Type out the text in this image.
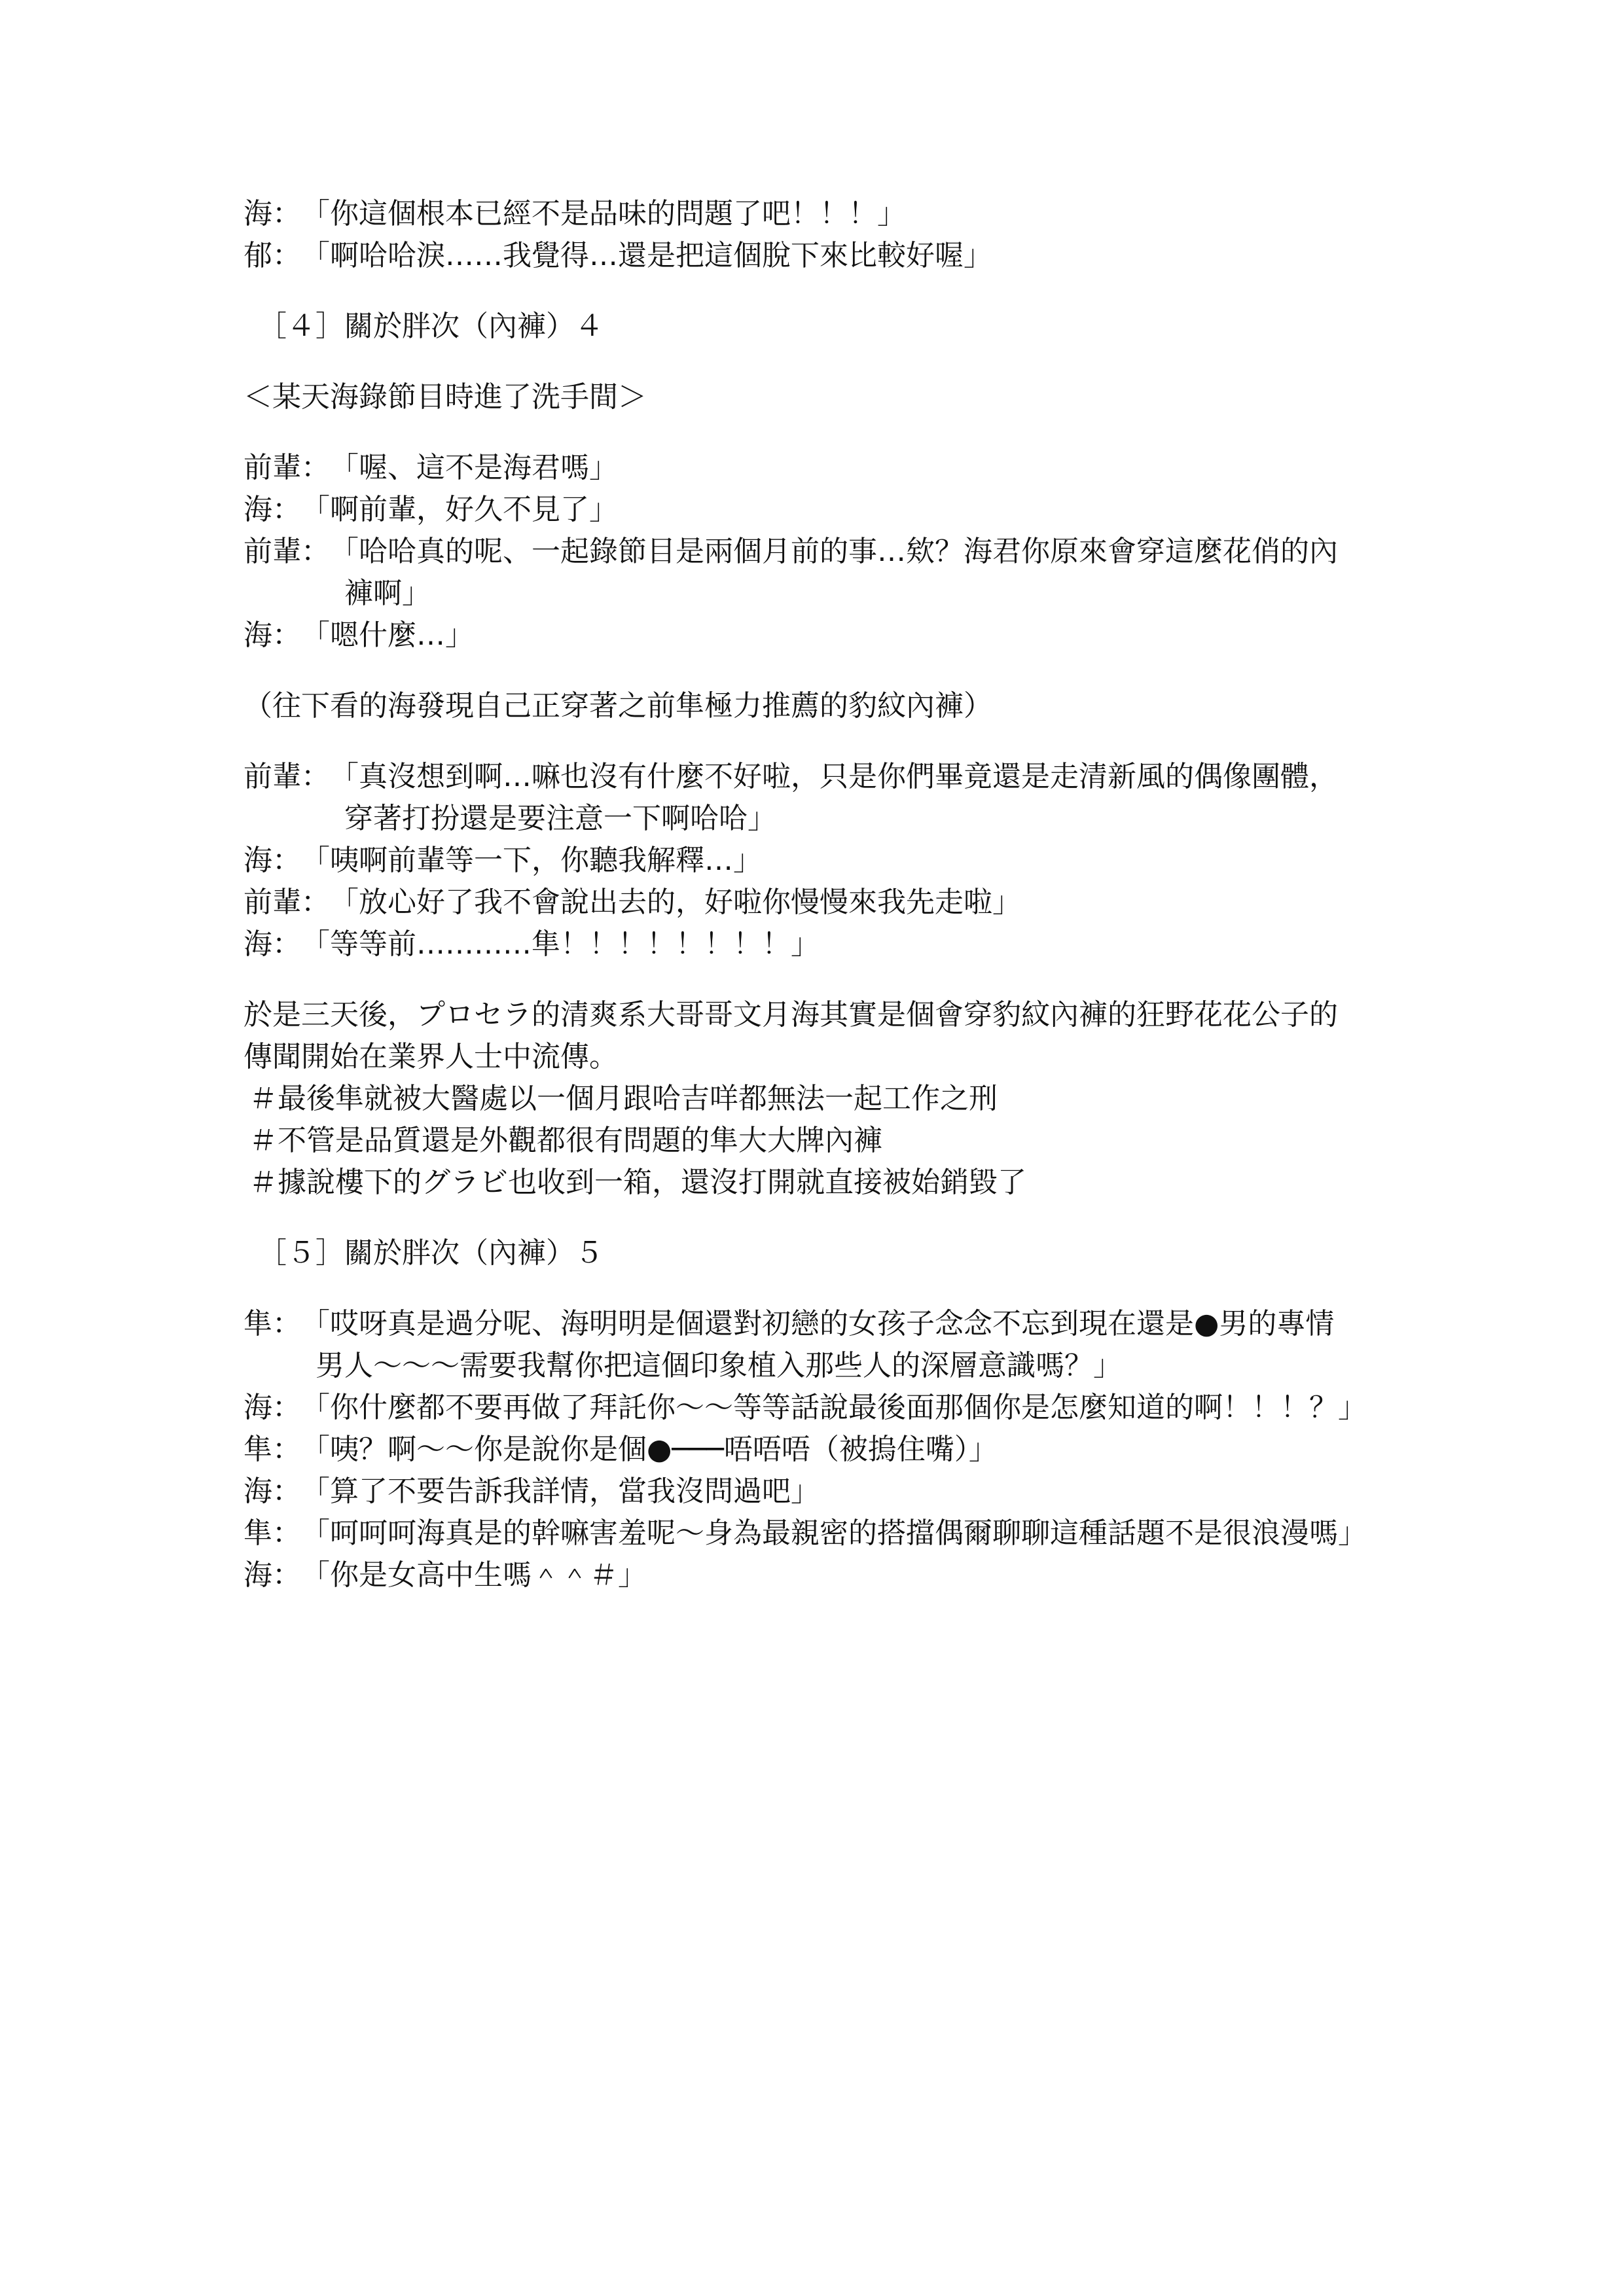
海： 「你這個根本已經不是品味的問題了吧！！！」
郁： 「啊哈哈淚……我覺得…還是把這個脫下來比較好喔」
［４］關於胖次（內褲）４
＜某天海錄節目時進了洗手間＞
前輩： 「喔、這不是海君嗎」
海： 「啊前輩，好久不見了」
前輩： 「哈哈真的呢、一起錄節目是兩個月前的事…欸？海君你原來會穿這麼花俏的內
褲啊」
海： 「嗯什麼…」
（往下看的海發現自己正穿著之前隼極力推薦的豹紋內褲）
前輩： 「真沒想到啊…嘛也沒有什麼不好啦，只是你們畢竟還是走清新風的偶像團體，
穿著打扮還是要注意一下啊哈哈」
海： 「咦啊前輩等一下，你聽我解釋…」
前輩： 「放心好了我不會說出去的，好啦你慢慢來我先走啦」
海： 「等等前…………隼！！！！！！！！」
於是三天後，プロセラ的清爽系大哥哥文月海其實是個會穿豹紋內褲的狂野花花公子的
傳聞開始在業界人士中流傳。
＃最後隼就被大醫處以一個月跟哈吉咩都無法一起工作之刑
＃不管是品質還是外觀都很有問題的隼大大牌內褲
＃據說樓下的グラビ也收到一箱，還沒打開就直接被始銷毀了
［５］關於胖次（內褲）５
隼： 「哎呀真是過分呢、海明明是個還對初戀的女孩子念念不忘到現在還是●男的專情
男人～～～需要我幫你把這個印象植入那些人的深層意識嗎？」
海： 「你什麼都不要再做了拜託你～～等等話說最後面那個你是怎麼知道的啊！！！？」
隼： 「咦？啊～～你是說你是個●───唔唔唔（被摀住嘴）」
海： 「算了不要告訴我詳情，當我沒問過吧」
隼： 「呵呵呵海真是的幹嘛害羞呢～身為最親密的搭擋偶爾聊聊這種話題不是很浪漫嗎」
海： 「你是女高中生嗎＾＾＃」
